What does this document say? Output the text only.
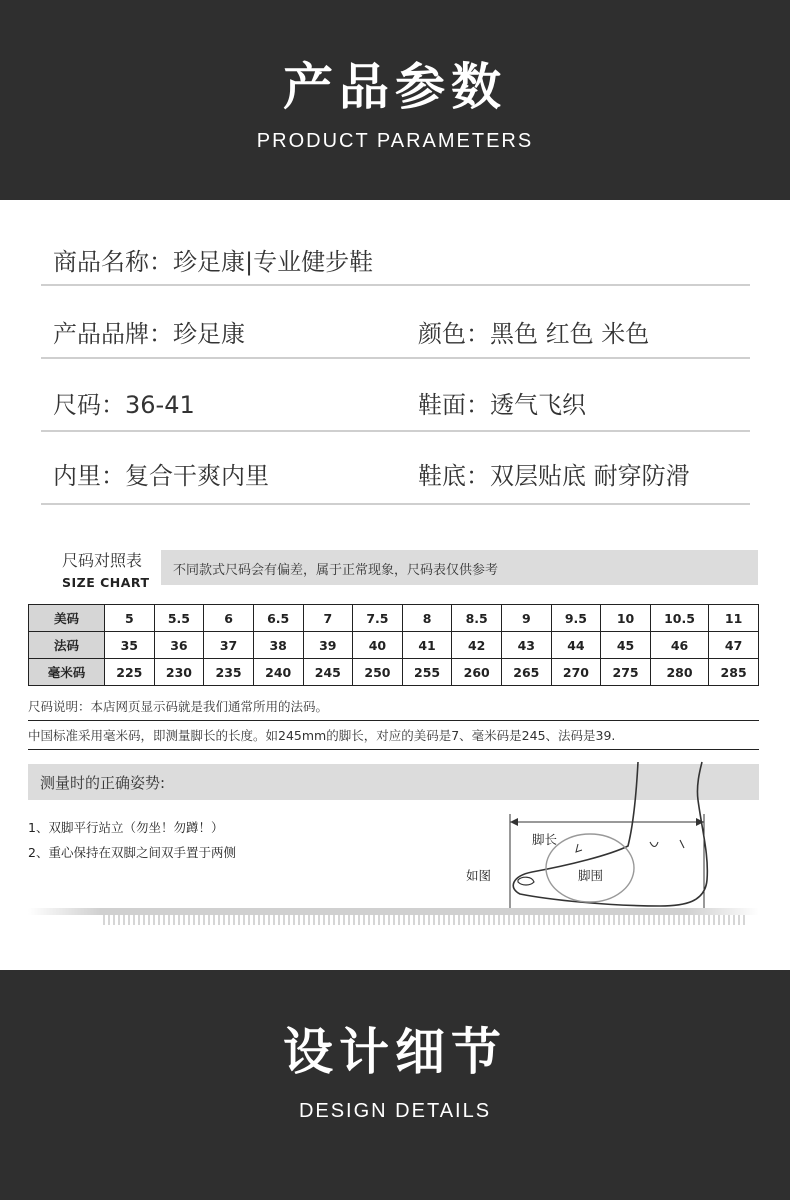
产品参数
PRODUCT PARAMETERS
商品名称：珍足康|专业健步鞋
产品品牌：珍足康	颜色：黑色 红色 米色
尺码：36-41	鞋面：透气飞织
内里：复合干爽内里	鞋底：双层贴底 耐穿防滑
尺码对照表
SIZE CHART
不同款式尺码会有偏差，属于正常现象，尺码表仅供参考
美码	5	5.5	6	6.5	7	7.5	8	8.5	9	9.5	10	10.5	11
法码	35	36	37	38	39	40	41	42	43	44	45	46	47
毫米码	225	230	235	240	245	250	255	260	265	270	275	280	285
尺码说明：本店网页显示码就是我们通常所用的法码。
中国标准采用毫米码，即测量脚长的长度。如245mm的脚长，对应的美码是7、毫米码是245、法码是39.
测量时的正确姿势:
1、双脚平行站立（勿坐！勿蹲！）
2、重心保持在双脚之间双手置于两侧
脚长
脚围
如图
设计细节
DESIGN DETAILS
